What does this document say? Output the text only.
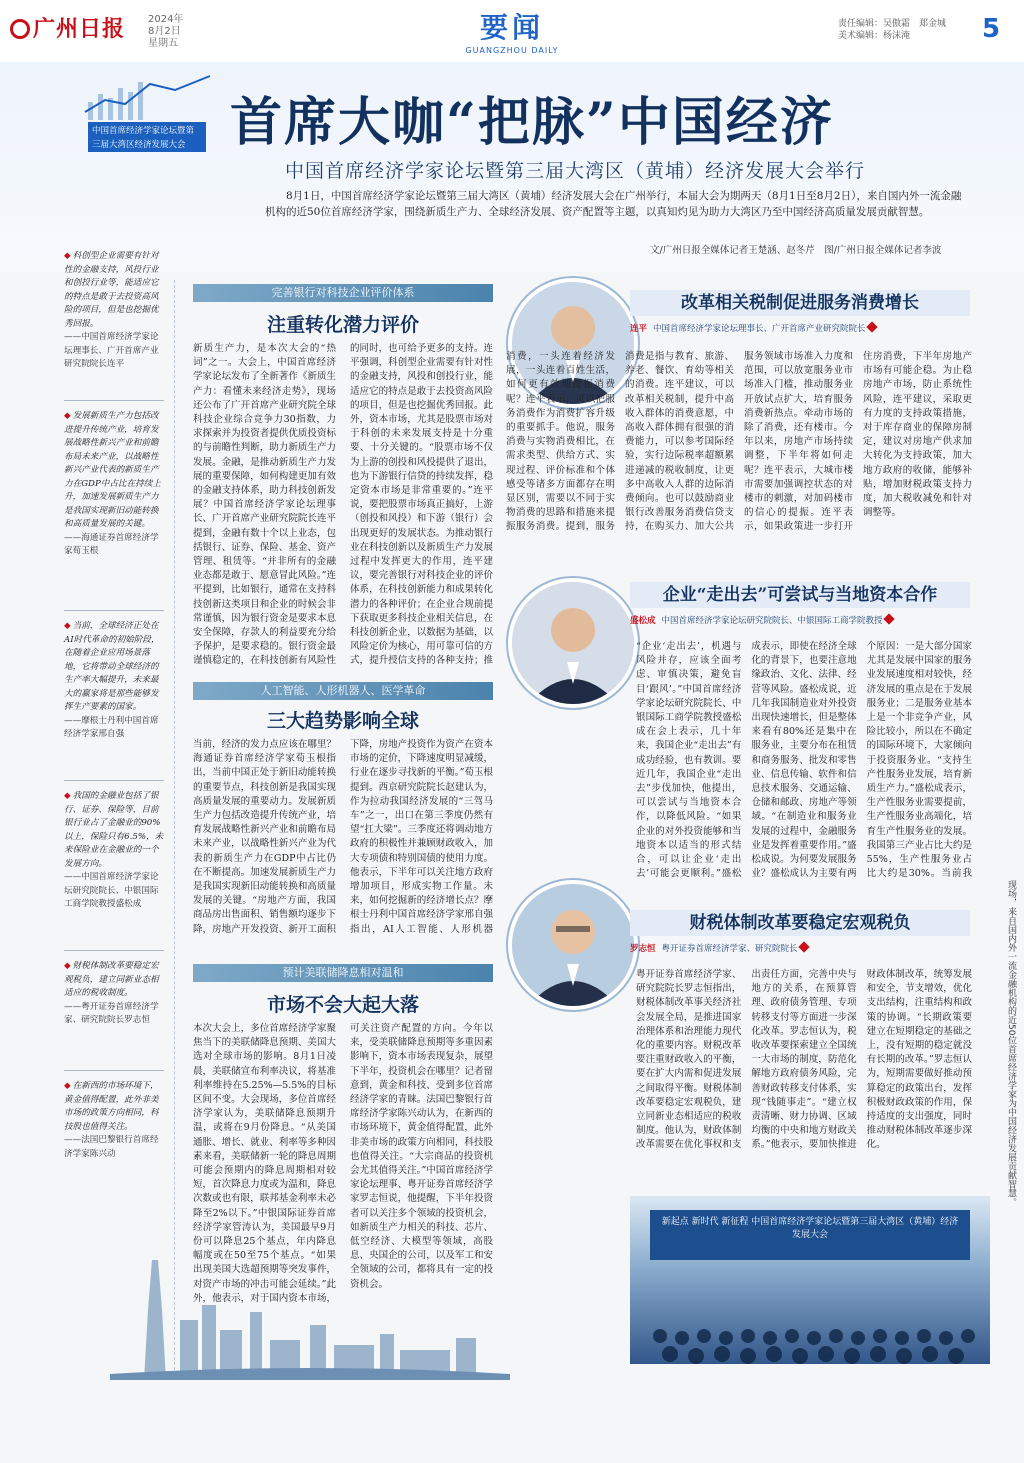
广州日报 2024年
8月2日
星期五	要闻
GUANGZHOU DAILY
责任编辑：吴傲霜　郑金城
美术编辑：杨沫淹	5
中国首席经济学家论坛暨第三届大湾区经济发展大会 首席大咖“把脉”中国经济
中国首席经济学家论坛暨第三届大湾区（黄埔）经济发展大会举行
8月1日，中国首席经济学家论坛暨第三届大湾区（黄埔）经济发展大会在广州举行，本届大会为期两天（8月1日至8月2日），来自国内外一流金融机构的近50位首席经济学家，围绕新质生产力、全球经济发展、资产配置等主题，以真知灼见为助力大湾区乃至中国经济高质量发展贡献智慧。
文/广州日报全媒体记者王楚涵、赵冬芹　图/广州日报全媒体记者李波
◆ 科创型企业需要有针对性的金融支持，风投行业和创投行业等，能适应它的特点是敢于去投资高风险的项目，但是也挖掘优秀回报。
——中国首席经济学家论坛理事长、广开首席产业研究院院长连平
◆ 发展新质生产力包括改进提升传统产业，培育发展战略性新兴产业和前瞻布局未来产业，以战略性新兴产业代表的新质生产力在GDP中占比在持续上升，加速发展新质生产力是我国实现新旧动能转换和高质量发展的关键。
——海通证券首席经济学家荀玉根
◆ 当前，全球经济正处在AI时代革命的初始阶段，在随着企业应用场景落地，它将带动全球经济的生产率大幅提升，未来最大的赢家将是那些能够发挥生产要素的国家。
——摩根士丹利中国首席经济学家邢自强
◆ 我国的金融业包括了银行、证券、保险等，目前银行业占了金融业的90%以上，保险只有6.5%，未来保险业在金融业的一个发展方向。
——中国首席经济学家论坛研究院院长、中银国际工商学院教授盛松成
◆ 财税体制改革要稳定宏观税负，建立同新业态相适应的税收制度。
——粤开证券首席经济学家、研究院院长罗志恒
◆ 在新西的市场环境下，黄金值得配置，此外非美市场的政策方向相同，科技股也值得关注。
——法国巴黎银行首席经济学家陈兴动
完善银行对科技企业评价体系
注重转化潜力评价
新质生产力，是本次大会的“热词”之一。大会上，中国首席经济学家论坛发布了全新著作《新质生产力：看懂未来经济走势》，现场还公布了广开首席产业研究院全球科技企业综合竞争力30指数，力求探索并为投资者提供优质投资标的与前瞻性判断，助力新质生产力发展。金融，是推动新质生产力发展的重要保障，如何构建更加有效的金融支持体系，助力科技创新发展？中国首席经济学家论坛理事长、广开首席产业研究院院长连平提到，金融有数十个以上业态，包括银行、证券、保险、基金、资产管理、租赁等。“并非所有的金融业态都是敢于、愿意冒此风险。”连平提到，比如银行，通常在支持科技创新这类项目和企业的时候会非常谨慎，因为银行资金是要求本息安全保障，存款人的利益要充分给予保护，是要求稳的。银行资金最谨慎稳定的，在科技创新有风险性的同时，也可给予更多的支持。连平强调，科创型企业需要有针对性的金融支持，风投和创投行业，能适应它的特点是敢于去投资高风险的项目，但是也挖掘优秀回报。此外，资本市场，尤其是股票市场对于科创的未来发展支持是十分重要、十分关键的。“股票市场不仅为上游的创投和风投提供了退出，也为下游银行信贷的持续发挥，稳定资本市场是非常重要的。”连平说，要把股票市场真正搞好，上游（创投和风投）和下游（银行）会出现更好的发展状态。为推动银行业在科技创新以及新质生产力发展过程中发挥更大的作用，连平建议，要完善银行对科技企业的评价体系，在科技创新能力和成果转化潜力的各种评价；在企业合规前提下获取更多科技企业相关信息，在科技创新企业，以数据为基础，以风险定价为核心，用可靠可信的方式，提升授信支持的各种支持；推
人工智能、人形机器人、医学革命
三大趋势影响全球
当前，经济的发力点应该在哪里？海通证券首席经济学家荀玉根指出，当前中国正处于新旧动能转换的重要节点，科技创新是我国实现高质量发展的重要动力。发展新质生产力包括改造提升传统产业，培育发展战略性新兴产业和前瞻布局未来产业，以战略性新兴产业为代表的新质生产力在GDP中占比仍在不断提高。加速发展新质生产力是我国实现新旧动能转换和高质量发展的关键。“房地产方面，我国商品房出售面积、销售额均逐步下降，房地产开发投资、新开工面积下降，房地产投资作为资产在资本市场的定价，下降速度明显减缓，行业在逐步寻找新的平衡。”荀玉根提到。西京研究院院长赵建认为，作为拉动我国经济发展的“三驾马车”之一，出口在第三季度仍然有望“扛大梁”。三季度还将调动地方政府的积极性并兼顾财政收入，加大专项债和特别国债的使用力度。他表示，下半年可以关注地方政府增加项目，形成实物工作量。未来，如何挖掘新的经济增长点？摩根士丹利中国首席经济学家邢自强指出，AI人工智能、人形机器
预计美联储降息相对温和
市场不会大起大落
本次大会上，多位首席经济学家聚焦当下的美联储降息预期、美国大选对全球市场的影响。8月1日凌晨，美联储宣布利率决议，将基准利率维持在5.25%—5.5%的目标区间不变。大会现场，多位首席经济学家认为，美联储降息预期升温，或将在9月份降息。“从美国通胀、增长、就业、利率等多种因素来看，美联储新一轮的降息周期可能会预期内的降息周期相对较短，首次降息力度或为温和，降息次数或也有限，联邦基金利率未必降至2%以下。”中银国际证券首席经济学家管涛认为，美国最早9月份可以降息25个基点，年内降息幅度或在50至75个基点。“如果出现美国大选超预期等突发事件，对资产市场的冲击可能会延续。”此外，他表示，对于国内资本市场，可关注资产配置的方向。今年以来，受美联储降息预期等多重因素影响下，资本市场表现复杂，展望下半年，投资机会在哪里？记者留意到，黄金和科技、受到多位首席经济学家的青睐。法国巴黎银行首席经济学家陈兴动认为，在新西的市场环境下，黄金值得配置，此外非美市场的政策方向相同，科技股也值得关注。“大宗商品的投资机会尤其值得关注。”中国首席经济学家论坛理事、粤开证券首席经济学家罗志恒说，他提醒，下半年投资者可以关注多个领域的投资机会，如新质生产力相关的科技、芯片、低空经济、大模型等领域，高股息、央国企的公司，以及军工和安全领域的公司，都将具有一定的投资机会。
改革相关税制促进服务消费增长
连平 中国首席经济学家论坛理事长、广开首席产业研究院院长
消费，一头连着经济发展，一头连着百姓生活，如何更有效地提振消费呢？连平表示，可以把服务消费作为消费扩容升级的重要抓手。他说，服务消费与实物消费相比，在需求类型、供给方式、实现过程、评价标准和个体感受等诸多方面都存在明显区别，需要以不同于实物消费的思路和措施来提振服务消费。提到，服务消费是指与教育、旅游、养老、餐饮、育幼等相关的消费。连平建议，可以改革相关税制，提升中高收入群体的消费意愿，中高收入群体拥有很强的消费能力，可以参考国际经验，实行边际税率超额累进递减的税收制度，让更多中高收入人群的边际消费倾向。也可以鼓励商业银行改善服务消费信贷支持，在购买力、加大公共服务领域市场准入力度和范围，可以放宽服务业市场准入门槛，推动服务业开放试点扩大，培育服务消费新热点。牵动市场的除了消费，还有楼市。今年以来，房地产市场持续调整，下半年将如何走呢？连平表示，大城市楼市需要加强调控状态的对楼市的刺激，对加码楼市的信心的提振。连平表示，如果政策进一步打开住房消费，下半年房地产市场有可能企稳。为止稳房地产市场，防止系统性风险，连平建议，采取更有力度的支持政策措施，对于库存商业的保障房制定，建议对房地产供求加大转化为支持政策，加大地方政府的收储，能够补贴，增加财税政策支持力度，加大税收减免和针对调整等。
企业“走出去”可尝试与当地资本合作
盛松成 中国首席经济学家论坛研究院院长、中银国际工商学院教授
“企业‘走出去’，机遇与风险并存，应该全面考虑、审慎决策，避免盲目‘跟风’。”中国首席经济学家论坛研究院院长、中银国际工商学院教授盛松成在会上表示，几十年来，我国企业“走出去”有成功经验，也有教训。要近几年，我国企业“走出去”步伐加快，他提出，可以尝试与当地资本合作，以降低风险。“如果企业的对外投资能够和当地资本以适当的形式结合，可以让企业‘走出去’可能会更顺利。”盛松成表示，即使在经济全球化的背景下，也要注意地缘政治、文化、法律、经营等风险。盛松成说，近几年我国制造业对外投资出现快速增长，但是整体来看有80%还是集中在服务业，主要分布在租赁和商务服务、批发和零售业、信息传输、软件和信息技术服务、交通运输、仓储和邮政、房地产等领域。“在制造业和服务业发展的过程中，金融服务业是发挥着重要作用。”盛松成说。为何要发展服务业？盛松成认为主要有两个原因：一是大部分国家尤其是发展中国家的服务业发展速度相对较快，经济发展的重点是在于发展服务业；二是服务业基本上是一个非竞争产业，风险比较小，所以在不确定的国际环境下，大家倾向于投资服务业。“支持生产性服务业发展，培育新质生产力。”盛松成表示，生产性服务业需要提前，生产性服务业高端化，培育生产性服务业的发展。我国第三产业占比大约是55%，生产性服务业占比大约是30%。当前我
财税体制改革要稳定宏观税负
罗志恒 粤开证券首席经济学家、研究院院长
粤开证券首席经济学家、研究院院长罗志恒指出，财税体制改革事关经济社会发展全局，是推进国家治理体系和治理能力现代化的重要内容。财税改革要注重财政收入的平衡，要在扩大内需和促进发展之间取得平衡。财税体制改革要稳定宏观税负，建立同新业态相适应的税收制度。他认为，财政体制改革需要在优化事权和支出责任方面，完善中央与地方的关系，在预算管理、政府债务管理、专项转移支付等方面进一步深化改革。罗志恒认为，税收改革要探索建立全国统一大市场的制度，防范化解地方政府债务风险，完善财政转移支付体系，实现“钱随事走”。“建立权责清晰、财力协调、区域均衡的中央和地方财政关系。”他表示，要加快推进财政体制改革，统筹发展和安全，节支增效，优化支出结构，注重结构和政策的协调。“长期政策要建立在短期稳定的基础之上，没有短期的稳定就没有长期的改革。”罗志恒认为，短期需要做好推动预算稳定的政策出台，发挥积极财政政策的作用，保持适度的支出强度，同时推动财税体制改革逐步深化。
新起点 新时代 新征程 中国首席经济学家论坛暨第三届大湾区（黄埔）经济发展大会
现场，来自国内外一流金融机构的近50位首席经济学家为中国经济发展贡献智慧。
